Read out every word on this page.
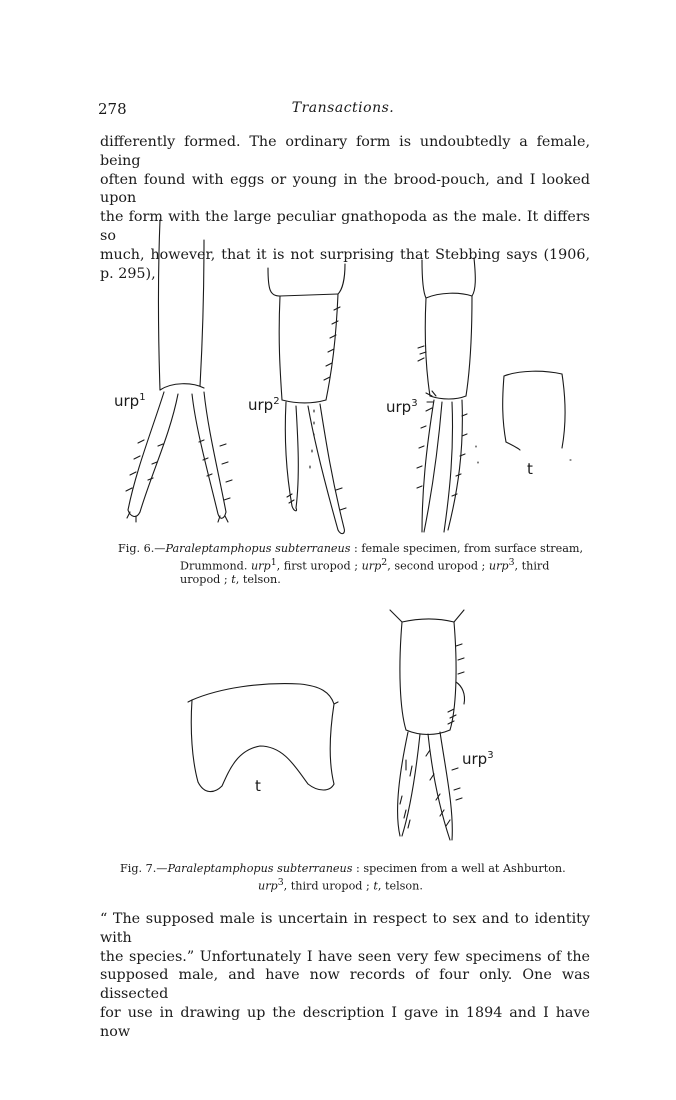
278	Transactions.

differently formed. The ordinary form is undoubtedly a female, being

often found with eggs or young in the brood-pouch, and I looked upon

the form with the large peculiar gnathopoda as the male. It differs so

much, however, that it is not surprising that Stebbing says (1906, p. 295),

urp$^1$	urp$^2$	urp$^3$
t
Fig. 6.—Paraleptamphopus subterraneus : female specimen, from surface stream,
Drummond. urp$^1$, first uropod ; urp$^2$, second uropod ; urp$^3$, third
uropod ; t, telson.
t
urp$^3$
Fig. 7.—Paraleptamphopus subterraneus : specimen from a well at Ashburton.
urp$^3$, third uropod ; t, telson.

“ The supposed male is uncertain in respect to sex and to identity with

the species.” Unfortunately I have seen very few specimens of the

supposed male, and have now records of four only. One was dissected

for use in drawing up the description I gave in 1894 and I have now
